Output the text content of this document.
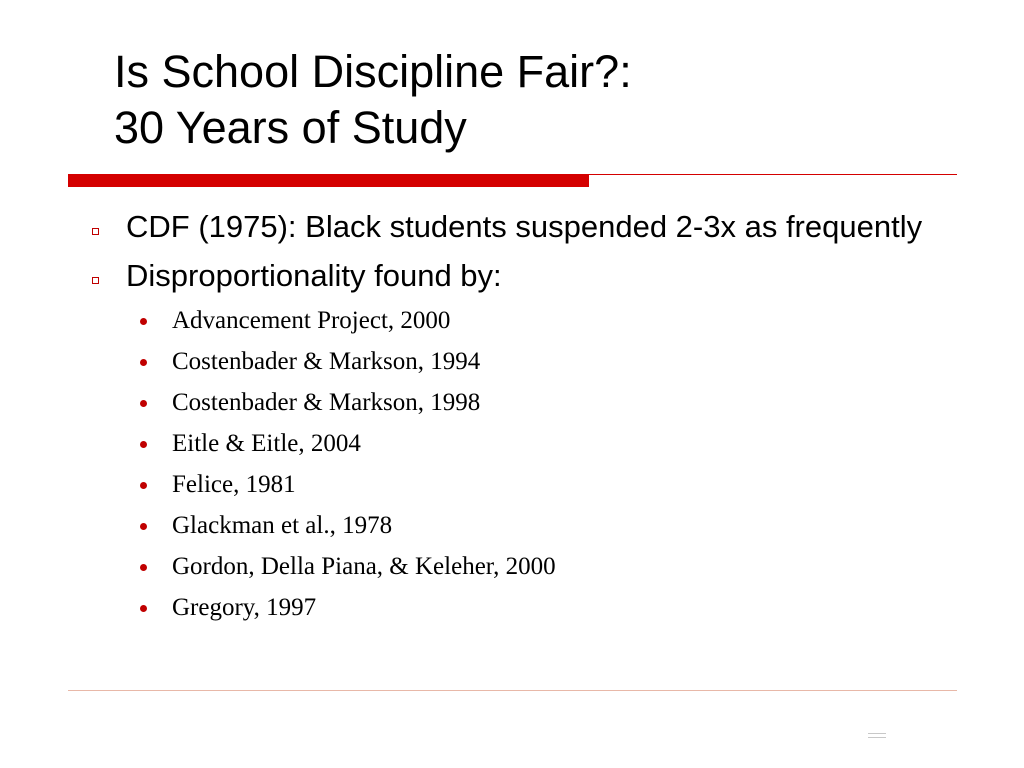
Is School Discipline Fair?:
30 Years of Study
CDF (1975): Black students suspended 2-3x as frequently
Disproportionality found by:
Advancement Project, 2000
Costenbader & Markson, 1994
Costenbader & Markson, 1998
Eitle & Eitle, 2004
Felice, 1981
Glackman et al., 1978
Gordon, Della Piana, & Keleher, 2000
Gregory, 1997
